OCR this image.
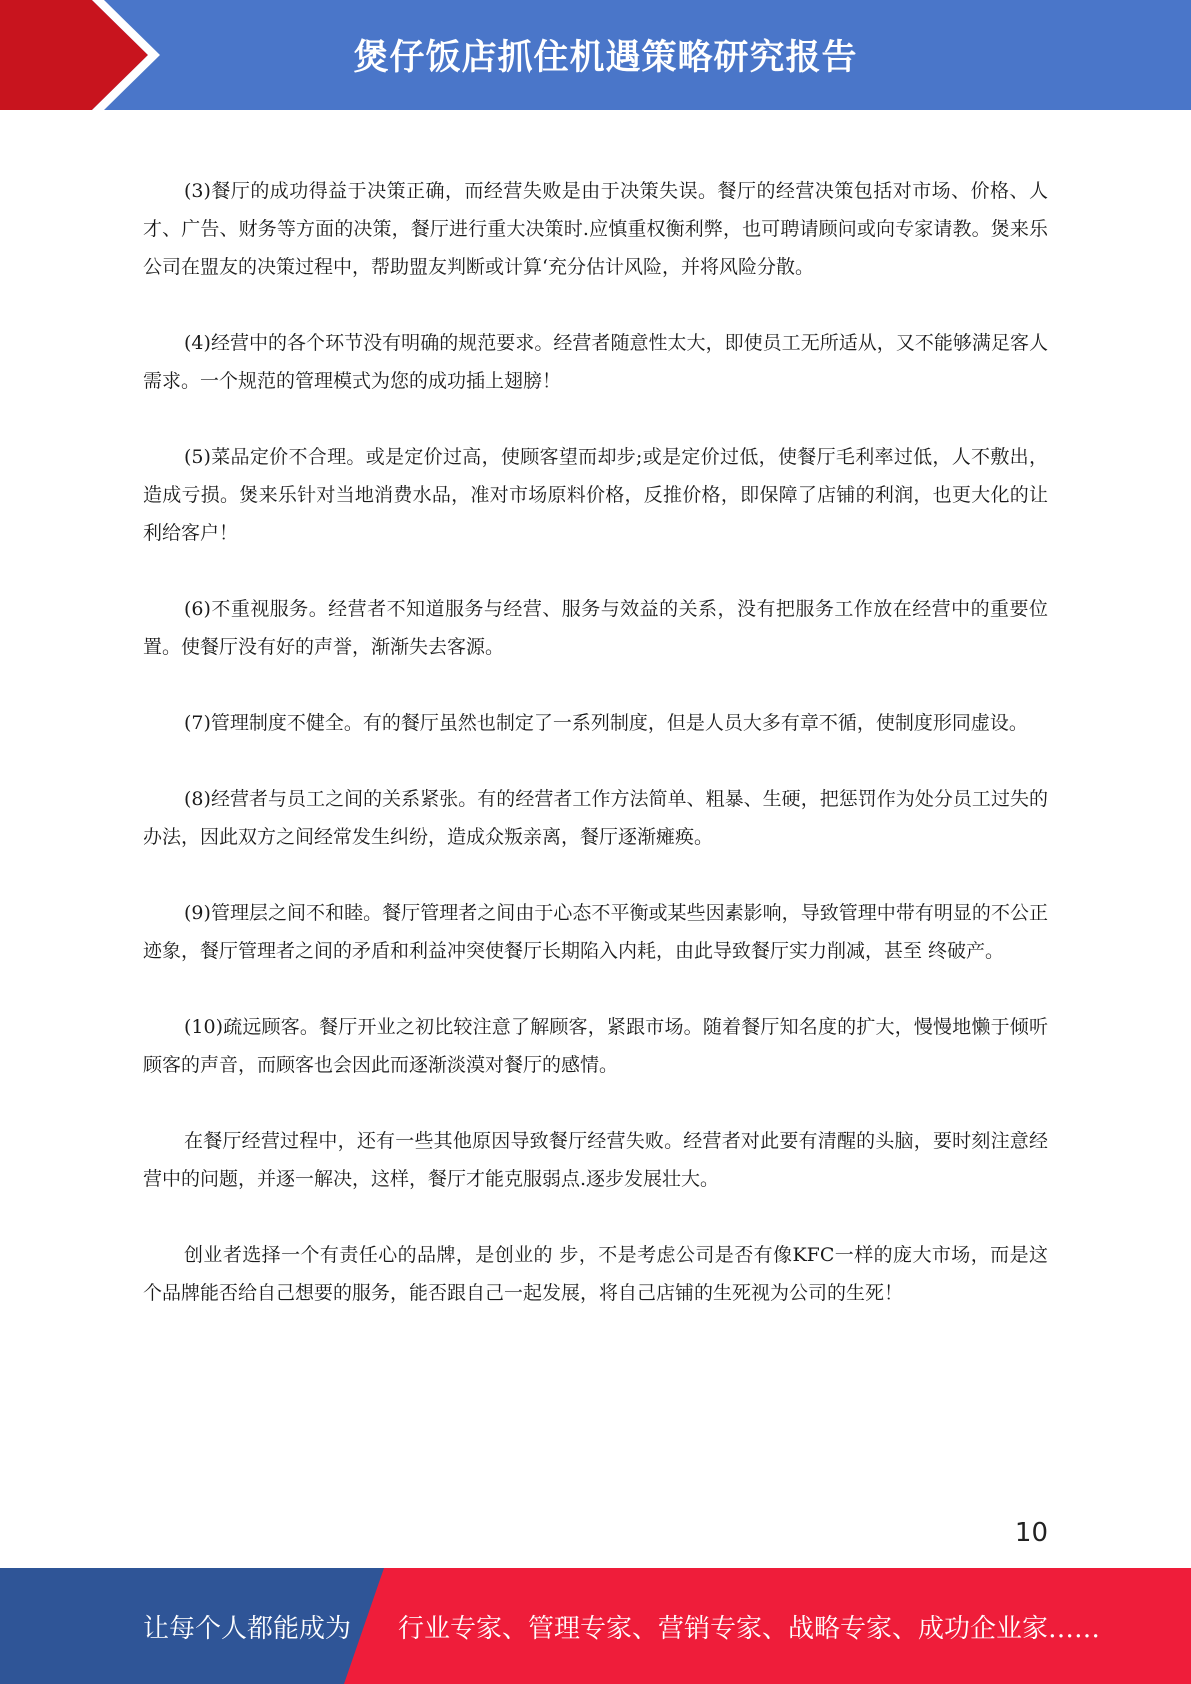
煲仔饭店抓住机遇策略研究报告

(3)餐厅的成功得益于决策正确，而经营失败是由于决策失误。餐厅的经营决策包括对市场、价格、人才、广告、财务等方面的决策，餐厅进行重大决策时.应慎重权衡利弊，也可聘请顾问或向专家请教。煲来乐公司在盟友的决策过程中，帮助盟友判断或计算‘充分估计风险，并将风险分散。

(4)经营中的各个环节没有明确的规范要求。经营者随意性太大，即使员工无所适从，又不能够满足客人需求。一个规范的管理模式为您的成功插上翅膀！

(5)菜品定价不合理。或是定价过高，使顾客望而却步;或是定价过低，使餐厅毛利率过低，人不敷出，造成亏损。煲来乐针对当地消费水品，准对市场原料价格，反推价格，即保障了店铺的利润，也更大化的让利给客户！

(6)不重视服务。经营者不知道服务与经营、服务与效益的关系，没有把服务工作放在经营中的重要位置。使餐厅没有好的声誉，渐渐失去客源。

(7)管理制度不健全。有的餐厅虽然也制定了一系列制度，但是人员大多有章不循，使制度形同虚设。

(8)经营者与员工之间的关系紧张。有的经营者工作方法简单、粗暴、生硬，把惩罚作为处分员工过失的 办法，因此双方之间经常发生纠纷，造成众叛亲离，餐厅逐渐瘫痪。

(9)管理层之间不和睦。餐厅管理者之间由于心态不平衡或某些因素影响，导致管理中带有明显的不公正迹象，餐厅管理者之间的矛盾和利益冲突使餐厅长期陷入内耗，由此导致餐厅实力削减，甚至 终破产。

(10)疏远顾客。餐厅开业之初比较注意了解顾客，紧跟市场。随着餐厅知名度的扩大，慢慢地懒于倾听顾客的声音，而顾客也会因此而逐渐淡漠对餐厅的感情。

在餐厅经营过程中，还有一些其他原因导致餐厅经营失败。经营者对此要有清醒的头脑，要时刻注意经营中的问题，并逐一解决，这样，餐厅才能克服弱点.逐步发展壮大。

创业者选择一个有责任心的品牌，是创业的 步，不是考虑公司是否有像KFC一样的庞大市场，而是这个品牌能否给自己想要的服务，能否跟自己一起发展，将自己店铺的生死视为公司的生死！

10
让每个人都能成为 行业专家、管理专家、营销专家、战略专家、成功企业家……
